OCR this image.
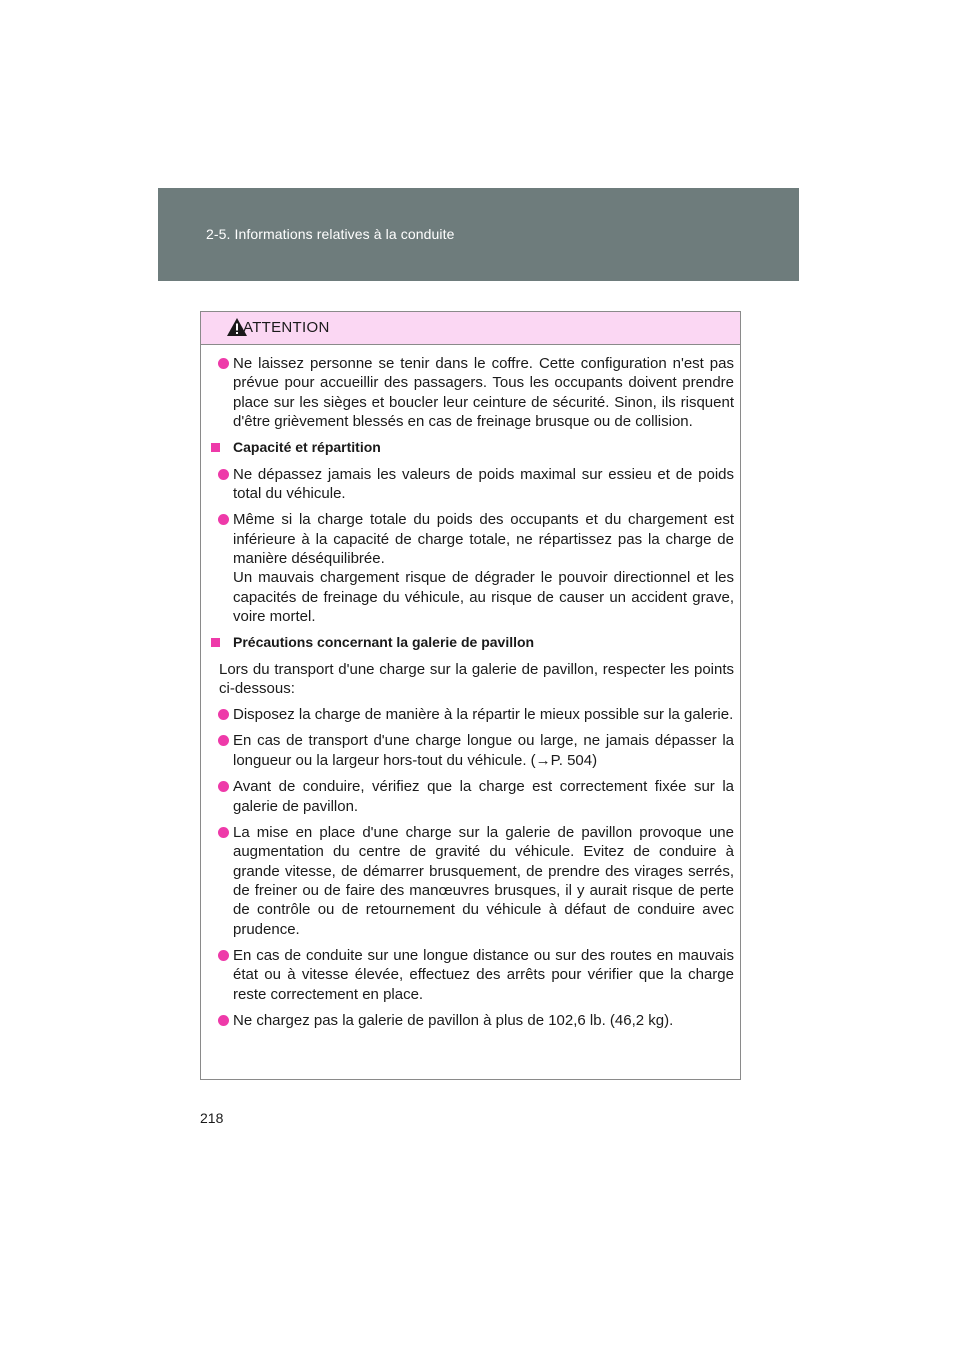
2-5. Informations relatives à la conduite
ATTENTION
Ne laissez personne se tenir dans le coffre. Cette configuration n'est pas prévue pour accueillir des passagers. Tous les occupants doivent prendre place sur les sièges et boucler leur ceinture de sécurité. Sinon, ils risquent d'être grièvement blessés en cas de freinage brusque ou de collision.
Capacité et répartition
Ne dépassez jamais les valeurs de poids maximal sur essieu et de poids total du véhicule.
Même si la charge totale du poids des occupants et du chargement est inférieure à la capacité de charge totale, ne répartissez pas la charge de manière déséquilibrée.
Un mauvais chargement risque de dégrader le pouvoir directionnel et les capacités de freinage du véhicule, au risque de causer un accident grave, voire mortel.
Précautions concernant la galerie de pavillon
Lors du transport d'une charge sur la galerie de pavillon, respecter les points ci-dessous:
Disposez la charge de manière à la répartir le mieux possible sur la galerie.
En cas de transport d'une charge longue ou large, ne jamais dépasser la longueur ou la largeur hors-tout du véhicule. (→P. 504)
Avant de conduire, vérifiez que la charge est correctement fixée sur la galerie de pavillon.
La mise en place d'une charge sur la galerie de pavillon provoque une augmentation du centre de gravité du véhicule. Evitez de conduire à grande vitesse, de démarrer brusquement, de prendre des virages serrés, de freiner ou de faire des manœuvres brusques, il y aurait risque de perte de contrôle ou de retournement du véhicule à défaut de conduire avec prudence.
En cas de conduite sur une longue distance ou sur des routes en mauvais état ou à vitesse élevée, effectuez des arrêts pour vérifier que la charge reste correctement en place.
Ne chargez pas la galerie de pavillon à plus de 102,6 lb. (46,2 kg).
218
